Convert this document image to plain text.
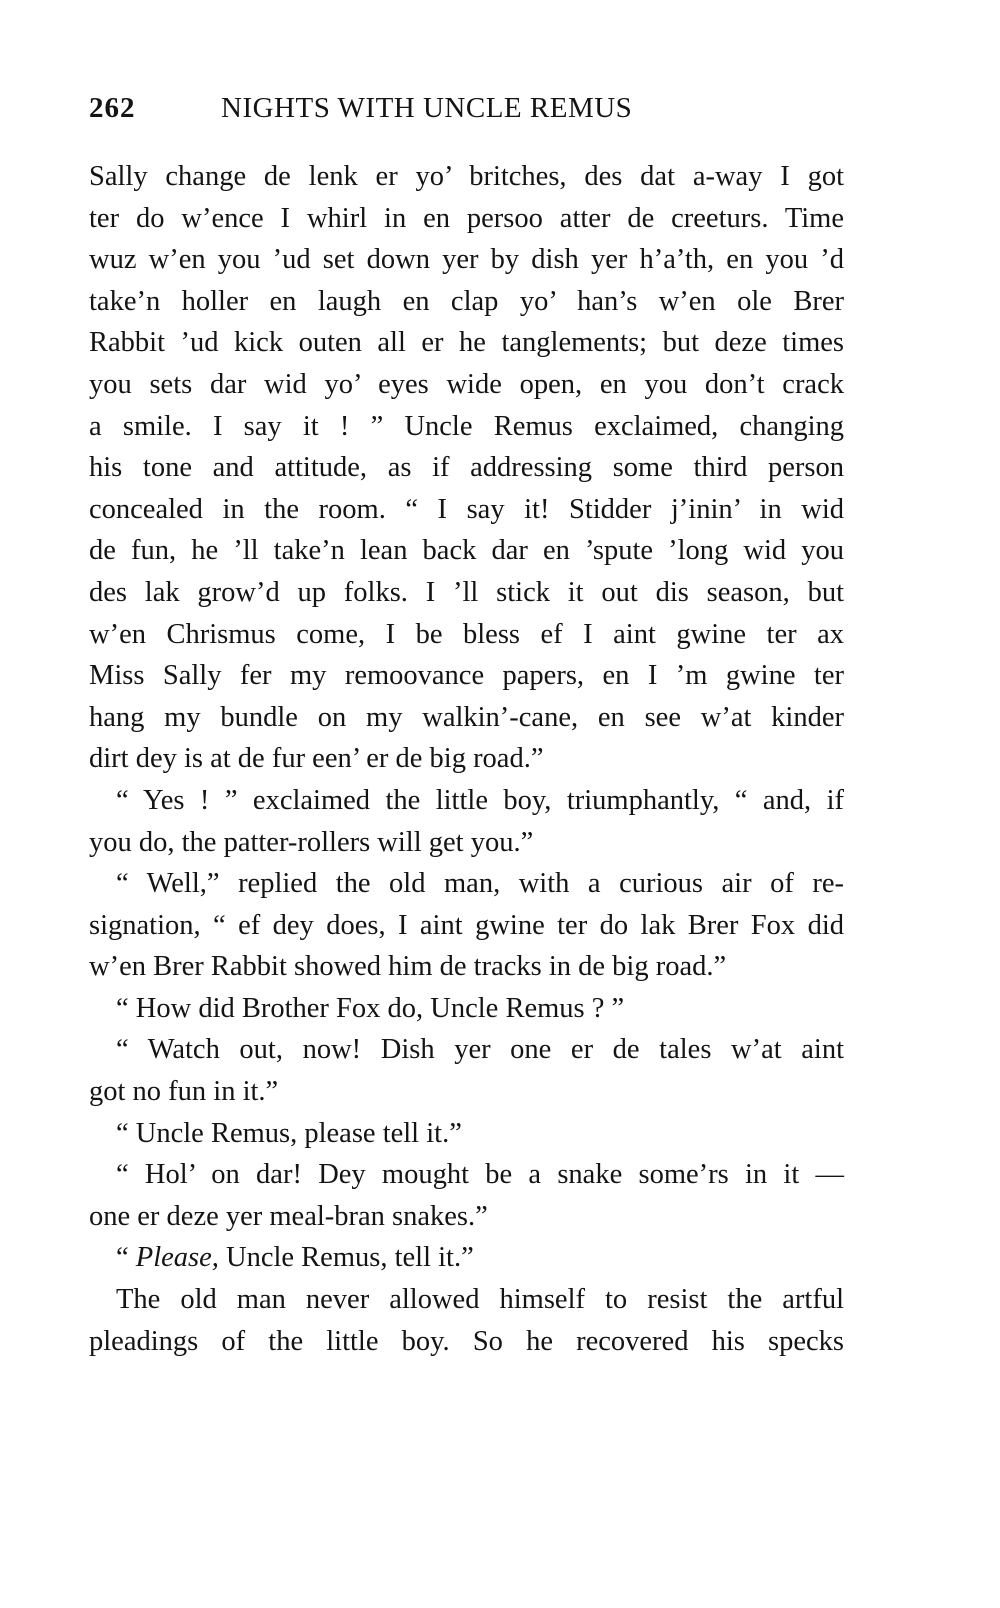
262	NIGHTS WITH UNCLE REMUS
Sally change de lenk er yo’ britches, des dat a-way I got
ter do w’ence I whirl in en persoo atter de creeturs. Time
wuz w’en you ’ud set down yer by dish yer h’a’th, en you ’d
take’n holler en laugh en clap yo’ han’s w’en ole Brer
Rabbit ’ud kick outen all er he tanglements; but deze times
you sets dar wid yo’ eyes wide open, en you don’t crack
a smile. I say it ! ” Uncle Remus exclaimed, changing
his tone and attitude, as if addressing some third person
concealed in the room. “ I say it! Stidder j’inin’ in wid
de fun, he ’ll take’n lean back dar en ’spute ’long wid you
des lak grow’d up folks. I ’ll stick it out dis season, but
w’en Chrismus come, I be bless ef I aint gwine ter ax
Miss Sally fer my remoovance papers, en I ’m gwine ter
hang my bundle on my walkin’-cane, en see w’at kinder
dirt dey is at de fur een’ er de big road.”
“ Yes ! ” exclaimed the little boy, triumphantly, “ and, if
you do, the patter-rollers will get you.”
“ Well,” replied the old man, with a curious air of re-
signation, “ ef dey does, I aint gwine ter do lak Brer Fox did
w’en Brer Rabbit showed him de tracks in de big road.”
“ How did Brother Fox do, Uncle Remus ? ”
“ Watch out, now! Dish yer one er de tales w’at aint
got no fun in it.”
“ Uncle Remus, please tell it.”
“ Hol’ on dar! Dey mought be a snake some’rs in it —
one er deze yer meal-bran snakes.”
“ Please, Uncle Remus, tell it.”
The old man never allowed himself to resist the artful
pleadings of the little boy. So he recovered his specks
